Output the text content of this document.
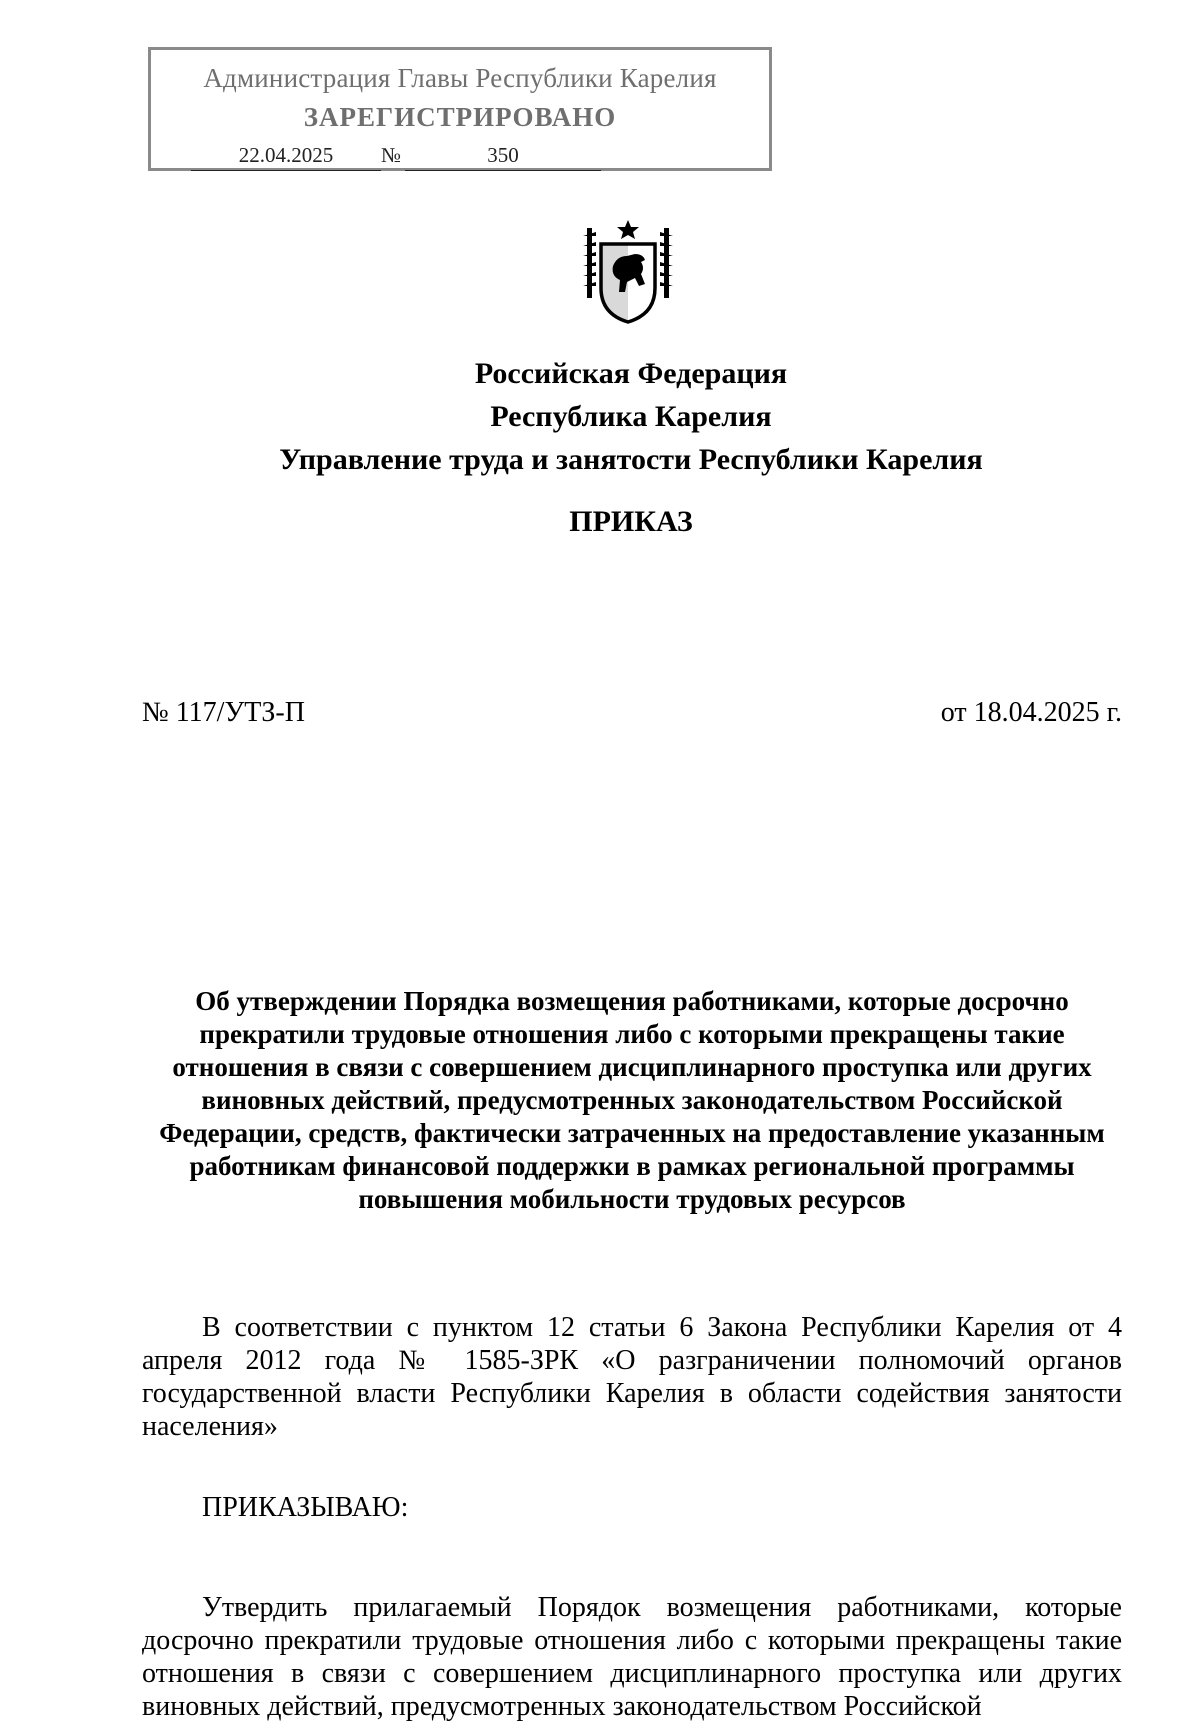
Администрация Главы Республики Карелия
ЗАРЕГИСТРИРОВАНО
22.04.2025	№	350
Российская Федерация
Республика Карелия
Управление труда и занятости Республики Карелия
ПРИКАЗ
№ 117/УТЗ-П	от 18.04.2025 г.
Об утверждении Порядка возмещения работниками, которые досрочно прекратили трудовые отношения либо с которыми прекращены такие отношения в связи с совершением дисциплинарного проступка или других виновных действий, предусмотренных законодательством Российской Федерации, средств, фактически затраченных на предоставление указанным работникам финансовой поддержки в рамках региональной программы повышения мобильности трудовых ресурсов
В соответствии с пунктом 12 статьи 6 Закона Республики Карелия от 4 апреля 2012 года № 1585-ЗРК «О разграничении полномочий органов государственной власти Республики Карелия в области содействия занятости населения»
ПРИКАЗЫВАЮ:
Утвердить прилагаемый Порядок возмещения работниками, которые досрочно прекратили трудовые отношения либо с которыми прекращены такие отношения в связи с совершением дисциплинарного проступка или других виновных действий, предусмотренных законодательством Российской
